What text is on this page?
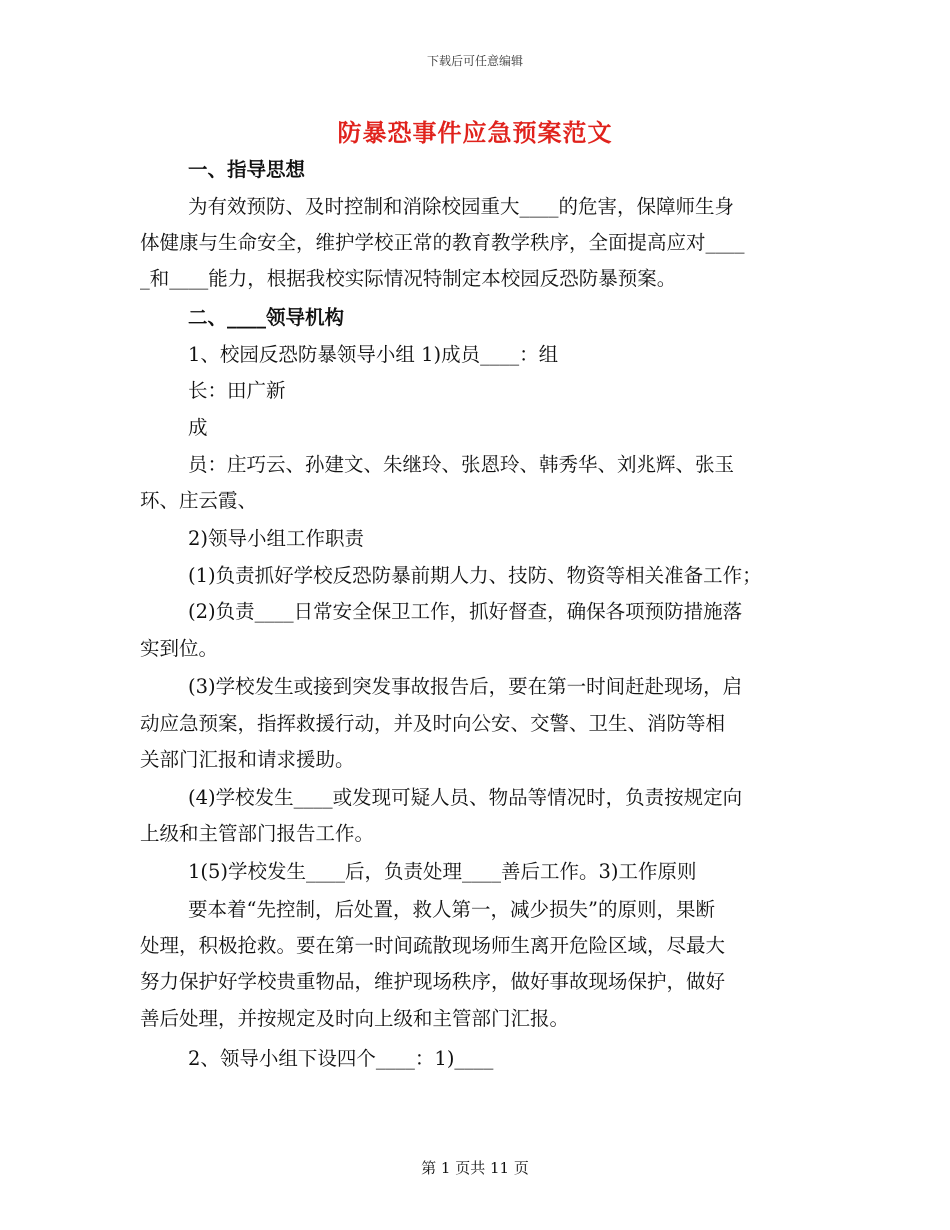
下载后可任意编辑
防暴恐事件应急预案范文
一、指导思想
为有效预防、及时控制和消除校园重大____的危害，保障师生身
体健康与生命安全，维护学校正常的教育教学秩序，全面提高应对____
_和____能力，根据我校实际情况特制定本校园反恐防暴预案。
二、____领导机构
1、校园反恐防暴领导小组 1)成员____：组
长：田广新
成
员：庄巧云、孙建文、朱继玲、张恩玲、韩秀华、刘兆辉、张玉
环、庄云霞、
2)领导小组工作职责
(1)负责抓好学校反恐防暴前期人力、技防、物资等相关准备工作；
(2)负责____日常安全保卫工作，抓好督查，确保各项预防措施落
实到位。
(3)学校发生或接到突发事故报告后，要在第一时间赶赴现场，启
动应急预案，指挥救援行动，并及时向公安、交警、卫生、消防等相
关部门汇报和请求援助。
(4)学校发生____或发现可疑人员、物品等情况时，负责按规定向
上级和主管部门报告工作。
1(5)学校发生____后，负责处理____善后工作。3)工作原则
要本着“先控制，后处置，救人第一，减少损失”的原则，果断
处理，积极抢救。要在第一时间疏散现场师生离开危险区域，尽最大
努力保护好学校贵重物品，维护现场秩序，做好事故现场保护，做好
善后处理，并按规定及时向上级和主管部门汇报。
2、领导小组下设四个____：1)____
第 1 页共 11 页
